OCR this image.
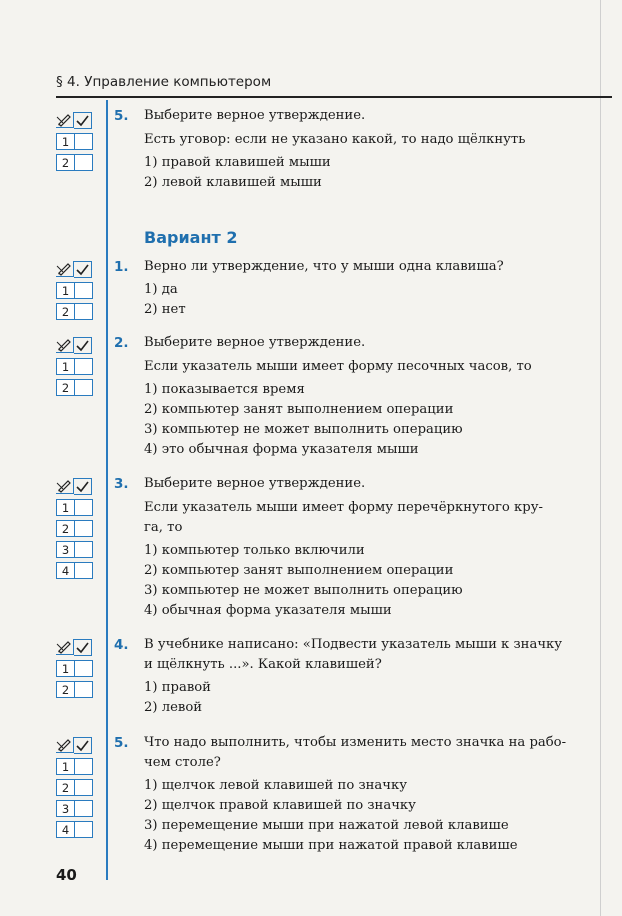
§ 4. Управление компьютером
Вариант 2
40
1
2
5.	Выберите верное утверждение.
Есть уговор: если не указано какой, то надо щёлкнуть
1) правой клавишей мыши
2) левой клавишей мыши
1
2
1.	Верно ли утверждение, что у мыши одна клавиша?
1) да
2) нет
1
2
2.	Выберите верное утверждение.
Если указатель мыши имеет форму песочных часов, то
1) показывается время
2) компьютер занят выполнением операции
3) компьютер не может выполнить операцию
4) это обычная форма указателя мыши
1
2
3
4
3.	Выберите верное утверждение.
Если указатель мыши имеет форму перечёркнутого кру-
га, то
1) компьютер только включили
2) компьютер занят выполнением операции
3) компьютер не может выполнить операцию
4) обычная форма указателя мыши
1
2
4.	В учебнике написано: «Подвести указатель мыши к значку
и щёлкнуть ...». Какой клавишей?
1) правой
2) левой
1
2
3
4
5.	Что надо выполнить, чтобы изменить место значка на рабо-
чем столе?
1) щелчок левой клавишей по значку
2) щелчок правой клавишей по значку
3) перемещение мыши при нажатой левой клавише
4) перемещение мыши при нажатой правой клавише
